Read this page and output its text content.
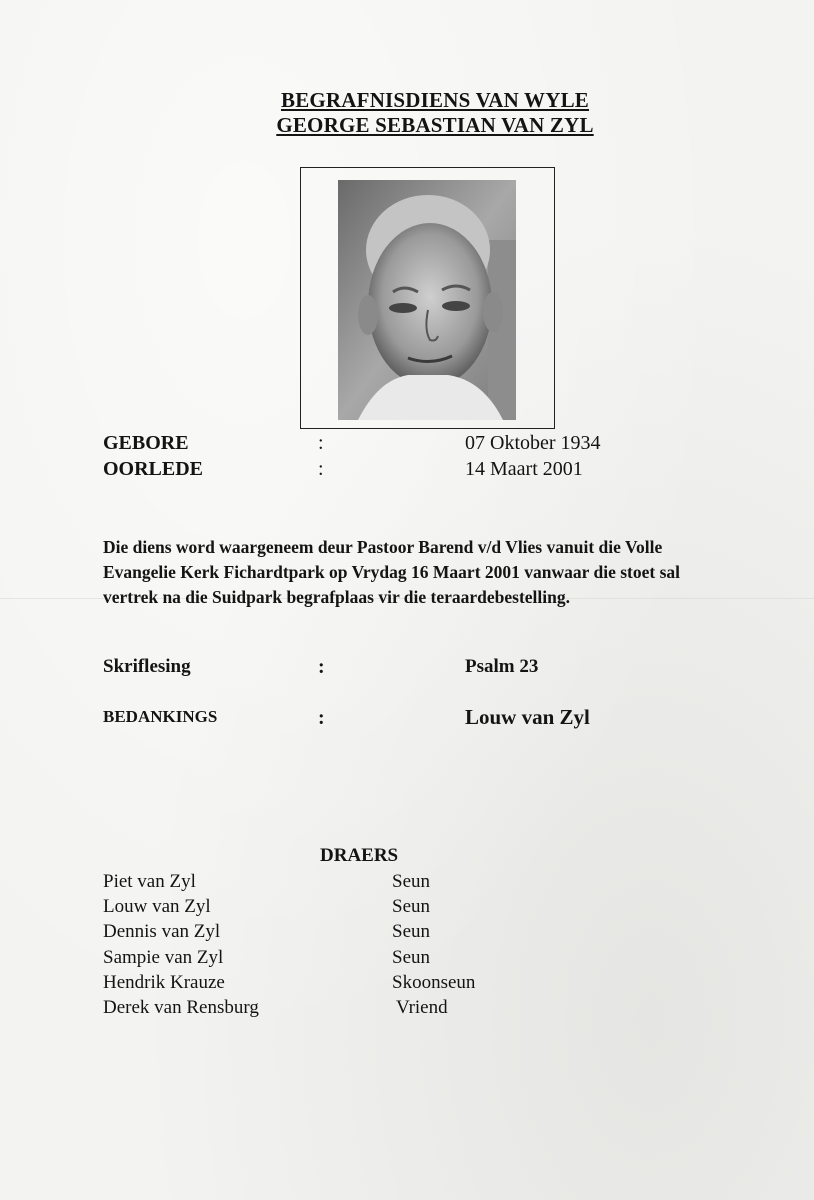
BEGRAFNISDIENS VAN WYLE
GEORGE SEBASTIAN VAN ZYL
GEBORE	:	07 Oktober 1934
OORLEDE	:	14 Maart 2001
Die diens word waargeneem deur Pastoor Barend v/d Vlies vanuit die Volle
Evangelie Kerk Fichardtpark op Vrydag 16 Maart 2001 vanwaar die stoet sal
vertrek na die Suidpark begrafplaas vir die teraardebestelling.
Skriflesing	:	Psalm 23
BEDANKINGS	:	Louw van Zyl
DRAERS
Piet van Zyl	Seun
Louw van Zyl	Seun
Dennis van Zyl	Seun
Sampie van Zyl	Seun
Hendrik Krauze	Skoonseun
Derek van Rensburg	Vriend
